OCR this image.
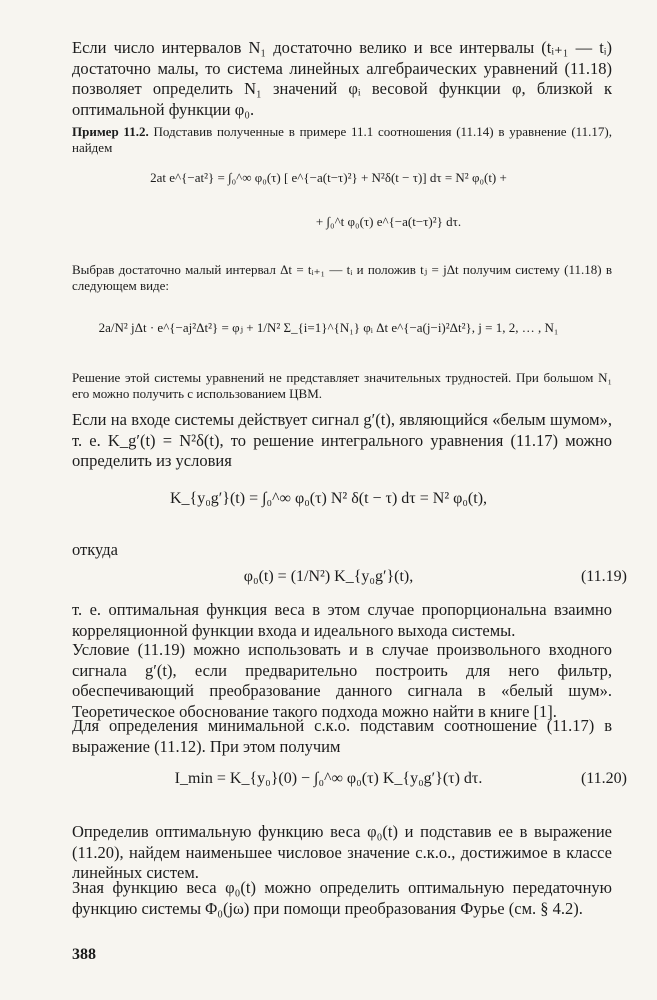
Если число интервалов N₁ достаточно велико и все интервалы (tᵢ₊₁ — tᵢ) достаточно малы, то система линейных алгебраических уравнений (11.18) позволяет определить N₁ значений φᵢ весовой функции φ, близкой к оптимальной функции φ₀.
Пример 11.2. Подставив полученные в примере 11.1 соотношения (11.14) в уравнение (11.17), найдем
2at e^{−at²} = ∫₀^∞ φ₀(τ) [ e^{−a(t−τ)²} + N²δ(t − τ)] dτ = N² φ₀(t) +
+ ∫₀^t φ₀(τ) e^{−a(t−τ)²} dτ.
Выбрав достаточно малый интервал Δt = tᵢ₊₁ — tᵢ и положив tⱼ = jΔt получим систему (11.18) в следующем виде:
2a/N² jΔt · e^{−aj²Δt²} = φⱼ + 1/N² Σ_{i=1}^{N₁} φᵢ Δt e^{−a(j−i)²Δt²}, j = 1, 2, … , N₁
Решение этой системы уравнений не представляет значительных трудностей. При большом N₁ его можно получить с использованием ЦВМ.
Если на входе системы действует сигнал g′(t), являющийся «белым шумом», т. е. K_g′(t) = N²δ(t), то решение интегрального уравнения (11.17) можно определить из условия
K_{y₀g′}(t) = ∫₀^∞ φ₀(τ) N² δ(t − τ) dτ = N² φ₀(t),
откуда
φ₀(t) = (1/N²) K_{y₀g′}(t),	(11.19)
т. е. оптимальная функция веса в этом случае пропорциональна взаимно корреляционной функции входа и идеального выхода системы.
Условие (11.19) можно использовать и в случае произвольного входного сигнала g′(t), если предварительно построить для него фильтр, обеспечивающий преобразование данного сигнала в «белый шум». Теоретическое обоснование такого подхода можно найти в книге [1].
Для определения минимальной с.к.о. подставим соотношение (11.17) в выражение (11.12). При этом получим
I_min = K_{y₀}(0) − ∫₀^∞ φ₀(τ) K_{y₀g′}(τ) dτ.	(11.20)
Определив оптимальную функцию веса φ₀(t) и подставив ее в выражение (11.20), найдем наименьшее числовое значение с.к.о., достижимое в классе линейных систем.
Зная функцию веса φ₀(t) можно определить оптимальную передаточную функцию системы Φ₀(jω) при помощи преобразования Фурье (см. § 4.2).
388
